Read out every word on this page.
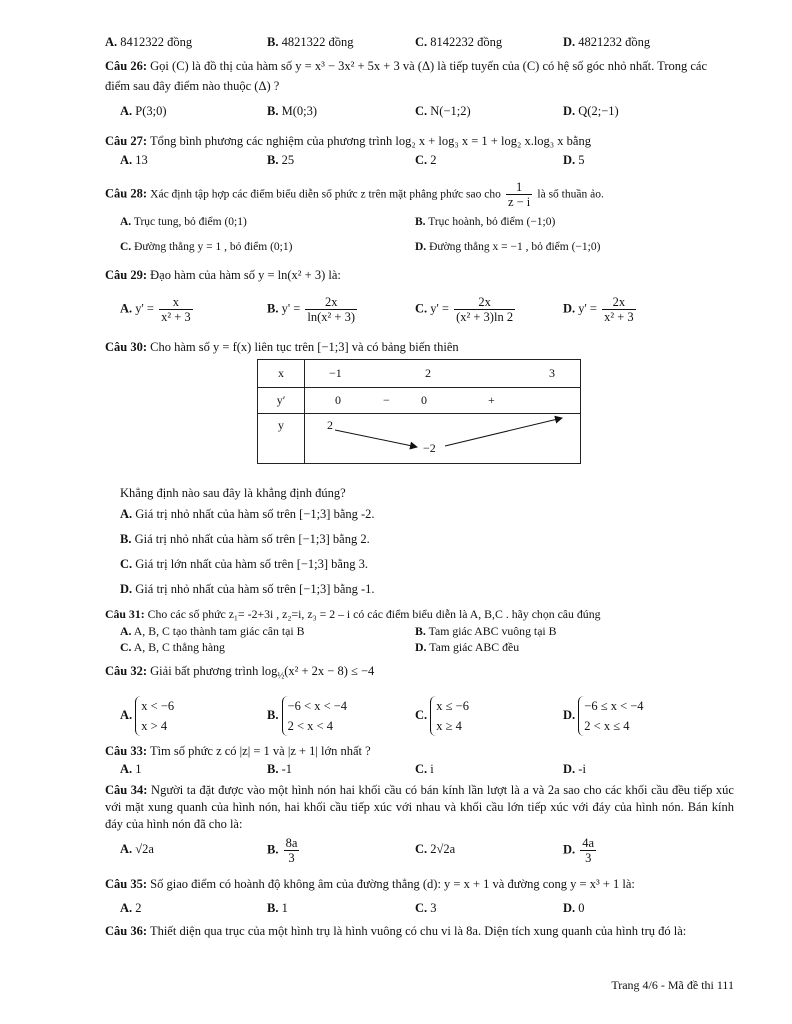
A. 8412322 đồng	B. 4821322 đồng	C. 8142232 đồng	D. 4821232 đồng
Câu 26: Gọi (C) là đồ thị của hàm số y = x³ − 3x² + 5x + 3 và (Δ) là tiếp tuyến của (C) có hệ số góc nhỏ nhất. Trong các điểm sau đây điểm nào thuộc (Δ) ?
A. P(3;0)	B. M(0;3)	C. N(−1;2)	D. Q(2;−1)
Câu 27: Tổng bình phương các nghiệm của phương trình log₂ x + log₃ x = 1 + log₂ x.log₃ x bằng
A. 13	B. 25	C. 2	D. 5
Câu 28: Xác định tập hợp các điểm biểu diễn số phức z trên mặt phẳng phức sao cho $\frac{1}{z - i}$ là số thuần ảo.
A. Trục tung, bỏ điểm (0;1)	B. Trục hoành, bỏ điểm (−1;0)
C. Đường thẳng y = 1 , bỏ điểm (0;1)	D. Đường thẳng x = −1 , bỏ điểm (−1;0)
Câu 29: Đạo hàm của hàm số y = ln(x² + 3) là:
A. $y' = \frac{x}{\text{x² + 3}}$	B. $y' = \frac{2x}{\text{ln(x² + 3)}}$	C. $y' = \frac{2x}{\text{(x² + 3)ln 2}}$	D. $y' = \frac{2x}{\text{x² + 3}}$
Câu 30: Cho hàm số y = f(x) liên tục trên [−1;3] và có bảng biến thiên
x	−1 2 3

y′	0 − 0 +

y	2
−2
Khẳng định nào sau đây là khẳng định đúng?
A. Giá trị nhỏ nhất của hàm số trên [−1;3] bằng -2.
B. Giá trị nhỏ nhất của hàm số trên [−1;3] bằng 2.
C. Giá trị lớn nhất của hàm số trên [−1;3] bằng 3.
D. Giá trị nhỏ nhất của hàm số trên [−1;3] bằng -1.
Câu 31: Cho các số phức z₁= -2+3i , z₂=i, z₃ = 2 – i có các điểm biểu diễn là A, B,C . hãy chọn câu đúng
A. A, B, C tạo thành tam giác cân tại B	B. Tam giác ABC vuông tại B
C. A, B, C thẳng hàng	D. Tam giác ABC đều
Câu 32: Giải bất phương trình $\log_{\frac{1}{2}}(x^2 + 2x - 8) \le -4$
A. x < −6
x > 4
B. −6 < x < −4
2 < x < 4
C. x ≤ −6
x ≥ 4
D. −6 ≤ x < −4
2 < x ≤ 4
Câu 33: Tìm số phức z có |z| = 1 và |z + 1| lớn nhất ?
A. 1	B. -1	C. i	D. -i
Câu 34: Người ta đặt được vào một hình nón hai khối cầu có bán kính lần lượt là a và 2a sao cho các khối cầu đều tiếp xúc với mặt xung quanh của hình nón, hai khối cầu tiếp xúc với nhau và khối cầu lớn tiếp xúc với đáy của hình nón. Bán kính đáy của hình nón đã cho là:
A. √2a	B. $\frac{8a}{3}$	C. 2√2a	D. $\frac{4a}{3}$
Câu 35: Số giao điểm có hoành độ không âm của đường thẳng (d): y = x + 1 và đường cong y = x³ + 1 là:
A. 2	B. 1	C. 3	D. 0
Câu 36: Thiết diện qua trục của một hình trụ là hình vuông có chu vi là 8a. Diện tích xung quanh của hình trụ đó là:
Trang 4/6 - Mã đề thi 111
